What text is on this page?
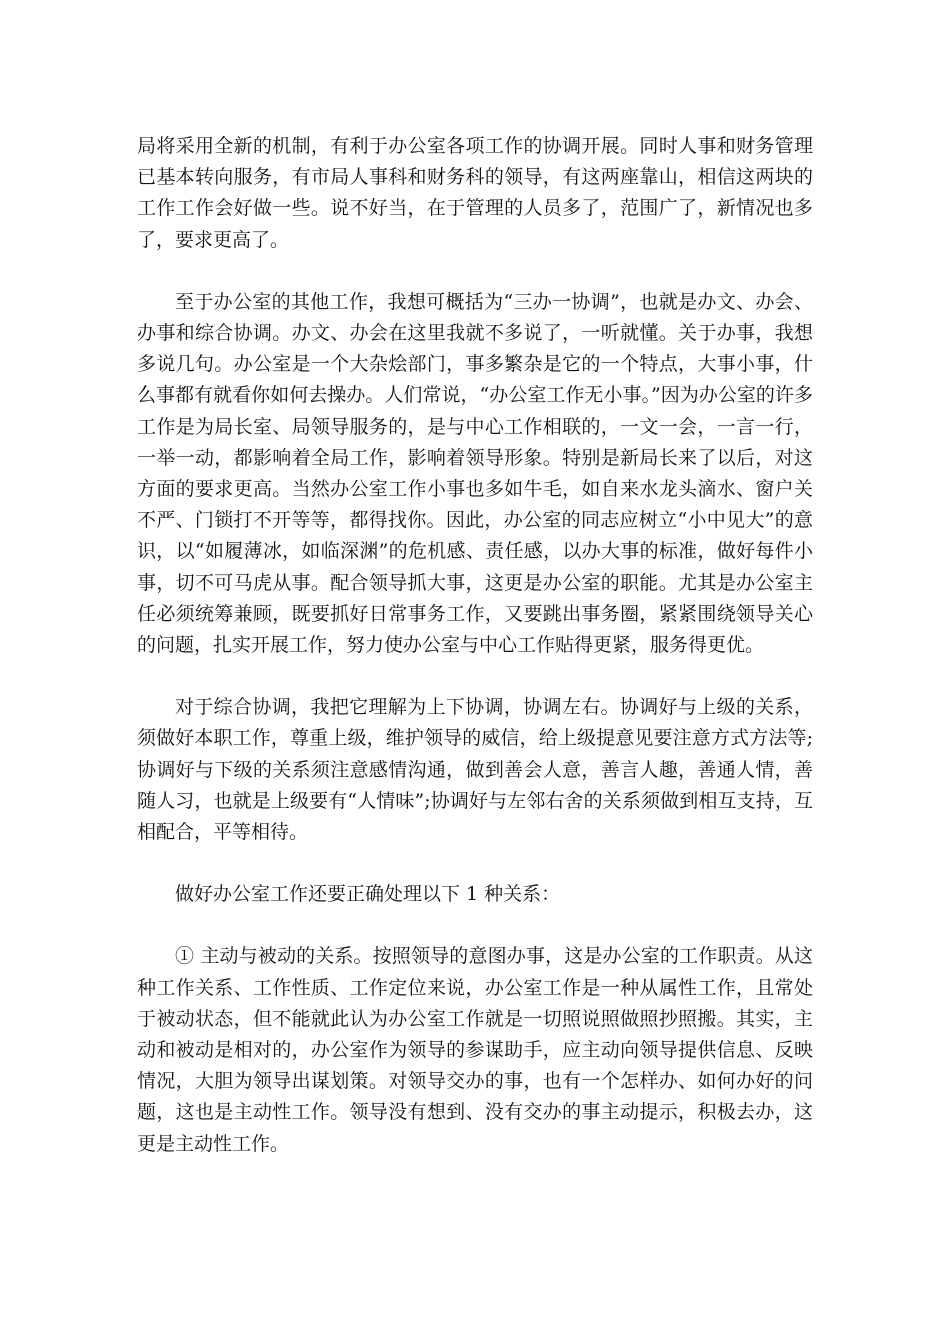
局将采用全新的机制，有利于办公室各项工作的协调开展。同时人事和财务管理已基本转向服务，有市局人事科和财务科的领导，有这两座靠山，相信这两块的工作工作会好做一些。说不好当，在于管理的人员多了，范围广了，新情况也多了，要求更高了。

至于办公室的其他工作，我想可概括为“三办一协调”，也就是办文、办会、办事和综合协调。办文、办会在这里我就不多说了，一听就懂。关于办事，我想多说几句。办公室是一个大杂烩部门，事多繁杂是它的一个特点，大事小事，什么事都有就看你如何去操办。人们常说，“办公室工作无小事。”因为办公室的许多工作是为局长室、局领导服务的，是与中心工作相联的，一文一会，一言一行，一举一动，都影响着全局工作，影响着领导形象。特别是新局长来了以后，对这方面的要求更高。当然办公室工作小事也多如牛毛，如自来水龙头滴水、窗户关不严、门锁打不开等等，都得找你。因此，办公室的同志应树立“小中见大”的意识，以“如履薄冰，如临深渊”的危机感、责任感，以办大事的标准，做好每件小事，切不可马虎从事。配合领导抓大事，这更是办公室的职能。尤其是办公室主任必须统筹兼顾，既要抓好日常事务工作，又要跳出事务圈，紧紧围绕领导关心的问题，扎实开展工作，努力使办公室与中心工作贴得更紧，服务得更优。

对于综合协调，我把它理解为上下协调，协调左右。协调好与上级的关系，须做好本职工作，尊重上级，维护领导的威信，给上级提意见要注意方式方法等;协调好与下级的关系须注意感情沟通，做到善会人意，善言人趣，善通人情，善随人习，也就是上级要有“人情味”;协调好与左邻右舍的关系须做到相互支持，互相配合，平等相待。

做好办公室工作还要正确处理以下 1 种关系：

① 主动与被动的关系。按照领导的意图办事，这是办公室的工作职责。从这种工作关系、工作性质、工作定位来说，办公室工作是一种从属性工作，且常处于被动状态，但不能就此认为办公室工作就是一切照说照做照抄照搬。其实，主动和被动是相对的，办公室作为领导的参谋助手，应主动向领导提供信息、反映情况，大胆为领导出谋划策。对领导交办的事，也有一个怎样办、如何办好的问题，这也是主动性工作。领导没有想到、没有交办的事主动提示，积极去办，这更是主动性工作。
